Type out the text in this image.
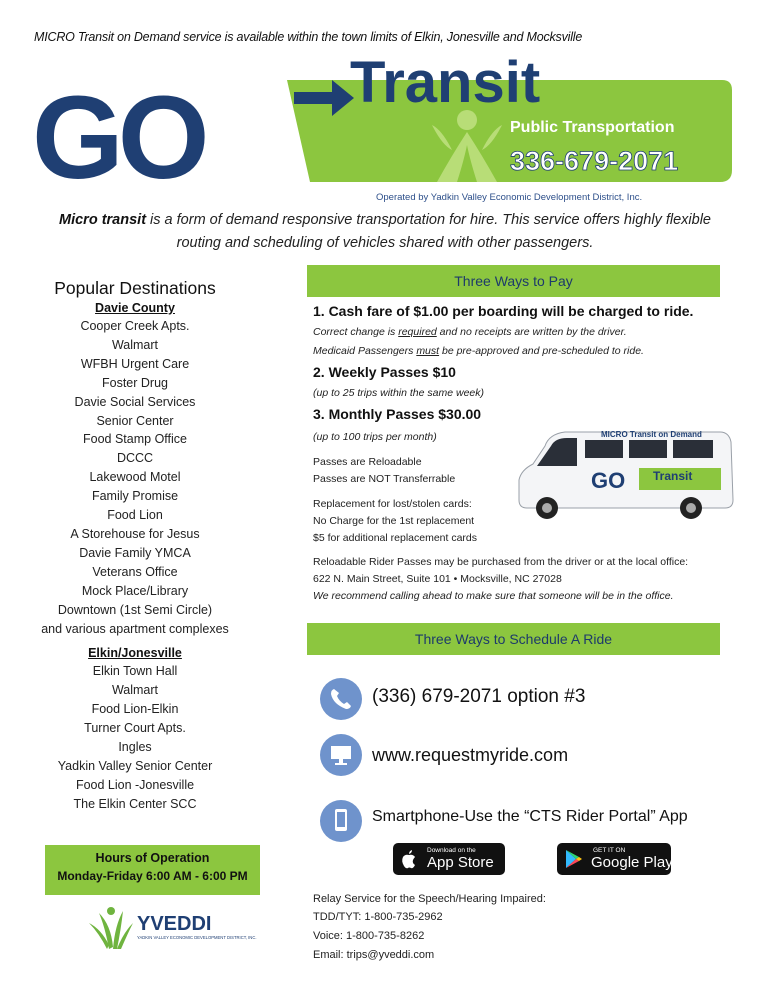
MICRO Transit on Demand service is available within the town limits of Elkin, Jonesville and Mocksville
GO	Transit
Public Transportation
336-679-2071
Operated by Yadkin Valley Economic Development District, Inc.
Micro transit is a form of demand responsive transportation for hire. This service offers highly flexible routing and scheduling of vehicles shared with other passengers.
Popular Destinations
Davie County
Cooper Creek Apts.
Walmart
WFBH Urgent Care
Foster Drug
Davie Social Services
Senior Center
Food Stamp Office
DCCC
Lakewood Motel
Family Promise
Food Lion
A Storehouse for Jesus
Davie Family YMCA
Veterans Office
Mock Place/Library
Downtown (1st Semi Circle)
and various apartment complexes
Elkin/Jonesville
Elkin Town Hall
Walmart
Food Lion-Elkin
Turner Court Apts.
Ingles
Yadkin Valley Senior Center
Food Lion -Jonesville
The Elkin Center SCC
Hours of Operation
Monday-Friday 6:00 AM - 6:00 PM
YVEDDI
YADKIN VALLEY ECONOMIC DEVELOPMENT DISTRICT, INC.
Three Ways to Pay
1. Cash fare of $1.00 per boarding will be charged to ride.
Correct change is required and no receipts are written by the driver.
Medicaid Passengers must be pre-approved and pre-scheduled to ride.
2. Weekly Passes $10
(up to 25 trips within the same week)
3. Monthly Passes $30.00
(up to 100 trips per month)
Passes are Reloadable
Passes are NOT Transferrable
Replacement for lost/stolen cards:
No Charge for the 1st replacement
$5 for additional replacement cards
Reloadable Rider Passes may be purchased from the driver or at the local office:
622 N. Main Street, Suite 101 • Mocksville, NC 27028
We recommend calling ahead to make sure that someone will be in the office.
MICRO Transit on Demand
GO Transit
Three Ways to Schedule A Ride
(336) 679-2071 option #3
www.requestmyride.com
Smartphone-Use the “CTS Rider Portal” App
Download on the
App Store
GET IT ON
Google Play
Relay Service for the Speech/Hearing Impaired:
TDD/TYT: 1-800-735-2962
Voice: 1-800-735-8262
Email: trips@yveddi.com
